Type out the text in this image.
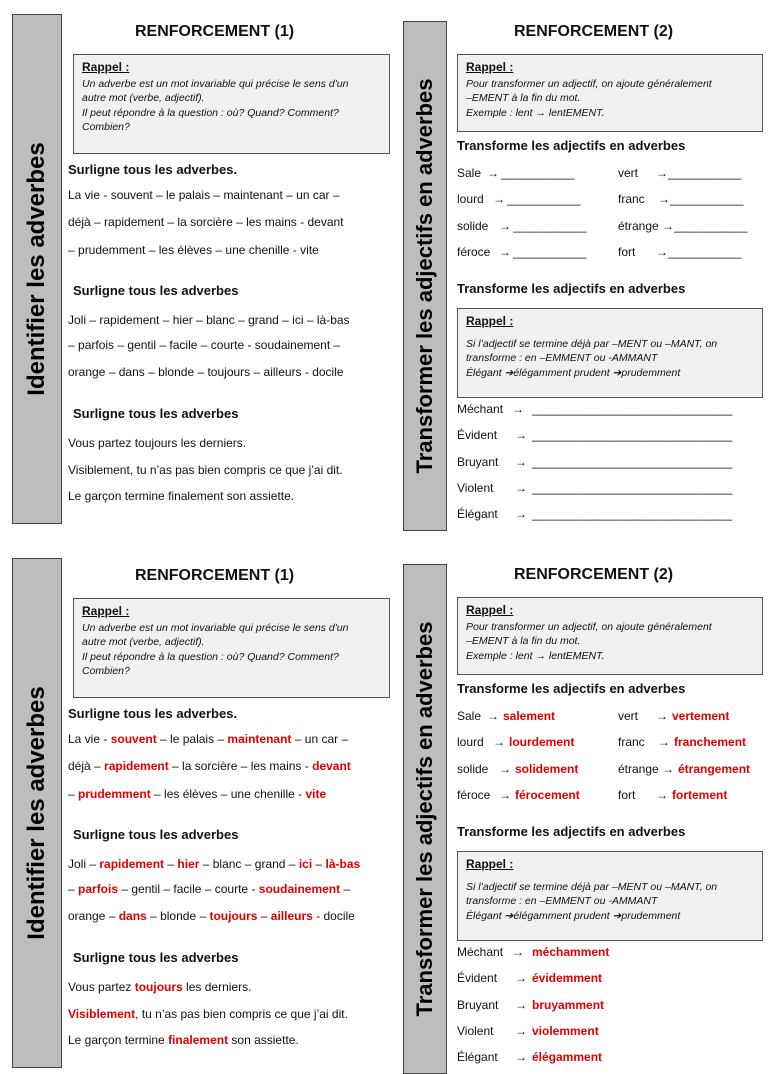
Identifier les adverbes
RENFORCEMENT (1)
Rappel :
Un adverbe est un mot invariable qui précise le sens d'un
autre mot (verbe, adjectif).
Il peut répondre à la question : où? Quand? Comment?
Combien?
Surligne tous les adverbes.
La vie - souvent – le palais – maintenant – un car –
déjà – rapidement – la sorcière – les mains - devant
– prudemment – les élèves – une chenille - vite
Surligne tous les adverbes
Joli – rapidement – hier – blanc – grand – ici – là-bas
– parfois – gentil – facile – courte - soudainement –
orange – dans – blonde – toujours – ailleurs - docile
Surligne tous les adverbes
Vous partez toujours les derniers.
Visiblement, tu n’as pas bien compris ce que j’ai dit.
Le garçon termine finalement son assiette.
Transformer les adjectifs en adverbes
RENFORCEMENT (2)
Rappel :
Pour transformer un adjectif, on ajoute généralement
–EMENT à la fin du mot.
Exemple : lent → lentEMENT.
Transforme les adjectifs en adverbes
Sale → ___________	vert → ___________
lourd → ___________	franc → ___________
solide → ___________	étrange → ___________
féroce → ___________	fort → ___________
Transforme les adjectifs en adverbes
Rappel :
Si l’adjectif se termine déjà par –MENT ou –MANT, on
transforme : en –EMMENT ou -AMMANT
Élégant ➔élégamment prudent ➔prudemment
Méchant → ______________________________
Évident → ______________________________
Bruyant → ______________________________
Violent → ______________________________
Élégant → ______________________________
Identifier les adverbes
RENFORCEMENT (1)
Rappel :
Un adverbe est un mot invariable qui précise le sens d'un
autre mot (verbe, adjectif).
Il peut répondre à la question : où? Quand? Comment?
Combien?
Surligne tous les adverbes.
La vie - souvent – le palais – maintenant – un car –
déjà – rapidement – la sorcière – les mains - devant
– prudemment – les élèves – une chenille - vite
Surligne tous les adverbes
Joli – rapidement – hier – blanc – grand – ici – là-bas
– parfois – gentil – facile – courte - soudainement –
orange – dans – blonde – toujours – ailleurs - docile
Surligne tous les adverbes
Vous partez toujours les derniers.
Visiblement, tu n’as pas bien compris ce que j’ai dit.
Le garçon termine finalement son assiette.
Transformer les adjectifs en adverbes
RENFORCEMENT (2)
Rappel :
Pour transformer un adjectif, on ajoute généralement
–EMENT à la fin du mot.
Exemple : lent → lentEMENT.
Transforme les adjectifs en adverbes
Sale → salement	vert → vertement
lourd → lourdement	franc → franchement
solide → solidement	étrange → étrangement
féroce → férocement	fort → fortement
Transforme les adjectifs en adverbes
Rappel :
Si l’adjectif se termine déjà par –MENT ou –MANT, on
transforme : en –EMMENT ou -AMMANT
Élégant ➔élégamment prudent ➔prudemment
Méchant → méchamment
Évident → évidemment
Bruyant → bruyamment
Violent → violemment
Élégant → élégamment
